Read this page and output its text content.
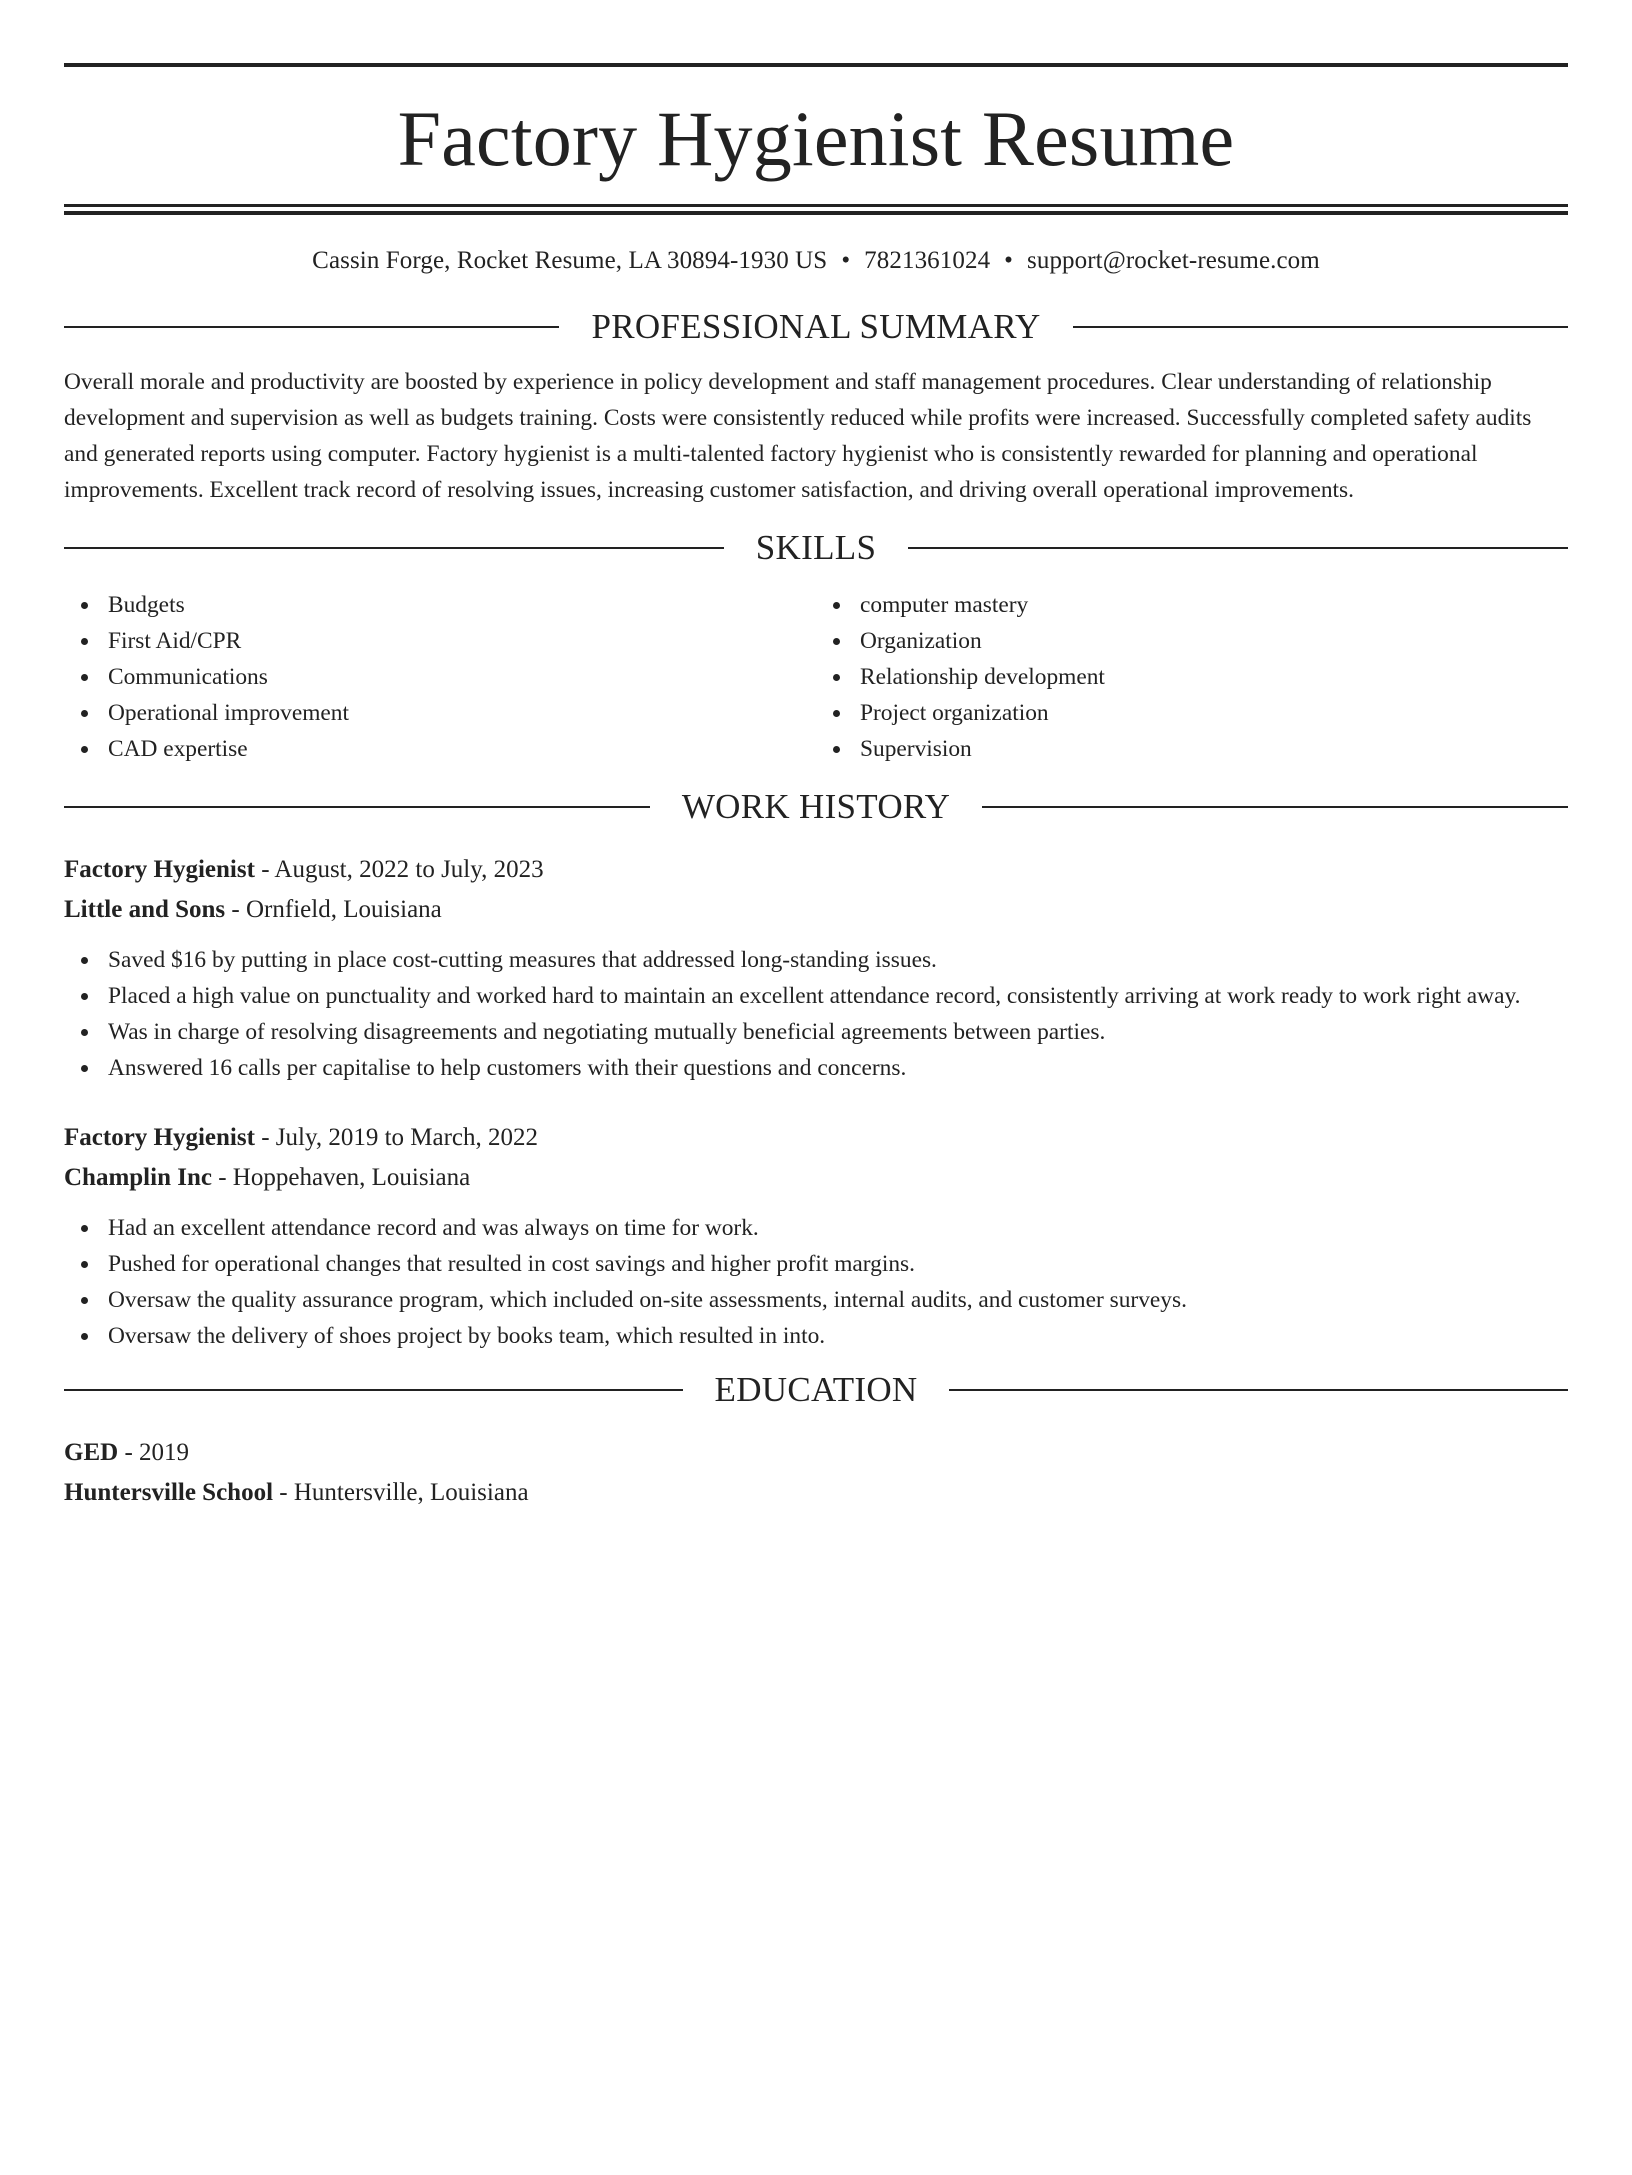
Factory Hygienist Resume
Cassin Forge, Rocket Resume, LA 30894-1930 US • 7821361024 • support@rocket-resume.com
PROFESSIONAL SUMMARY

Overall morale and productivity are boosted by experience in policy development and staff management procedures. Clear understanding of relationship development and supervision as well as budgets training. Costs were consistently reduced while profits were increased. Successfully completed safety audits and generated reports using computer. Factory hygienist is a multi-talented factory hygienist who is consistently rewarded for planning and operational improvements. Excellent track record of resolving issues, increasing customer satisfaction, and driving overall operational improvements.

SKILLS
Budgets
First Aid/CPR
Communications
Operational improvement
CAD expertise
computer mastery
Organization
Relationship development
Project organization
Supervision
WORK HISTORY
Factory Hygienist - August, 2022 to July, 2023
Little and Sons - Ornfield, Louisiana
Saved $16 by putting in place cost-cutting measures that addressed long-standing issues.
Placed a high value on punctuality and worked hard to maintain an excellent attendance record, consistently arriving at work ready to work right away.
Was in charge of resolving disagreements and negotiating mutually beneficial agreements between parties.
Answered 16 calls per capitalise to help customers with their questions and concerns.
Factory Hygienist - July, 2019 to March, 2022
Champlin Inc - Hoppehaven, Louisiana
Had an excellent attendance record and was always on time for work.
Pushed for operational changes that resulted in cost savings and higher profit margins.
Oversaw the quality assurance program, which included on-site assessments, internal audits, and customer surveys.
Oversaw the delivery of shoes project by books team, which resulted in into.
EDUCATION
GED - 2019
Huntersville School - Huntersville, Louisiana
